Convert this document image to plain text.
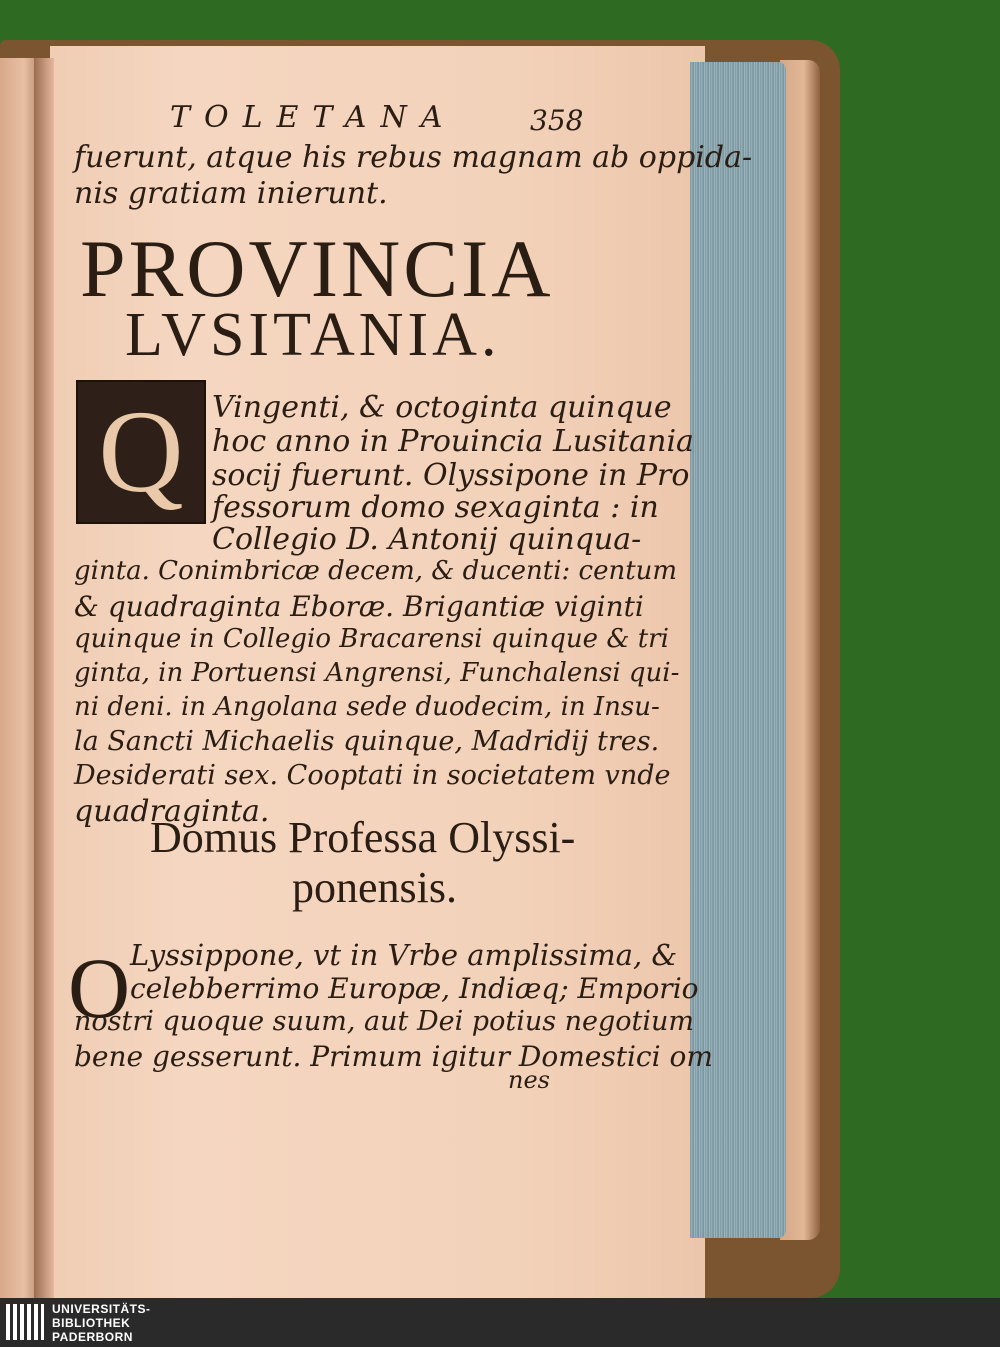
TOLETANA	358
fuerunt, atque his rebus magnam ab oppida-
nis gratiam inierunt.
PROVINCIA
LVSITANIA.
Q Vingenti, & octoginta quinque
hoc anno in Prouincia Lusitania
socij fuerunt. Olyssipone in Pro
fessorum domo sexaginta : in
Collegio D. Antonij quinqua-
ginta. Conimbricæ decem, & ducenti: centum
& quadraginta Eboræ. Brigantiæ viginti
quinque in Collegio Bracarensi quinque & tri
ginta, in Portuensi Angrensi, Funchalensi qui-
ni deni. in Angolana sede duodecim, in Insu-
la Sancti Michaelis quinque, Madridij tres.
Desiderati sex. Cooptati in societatem vnde
quadraginta.
Domus Professa Olyssi-
ponensis.
O Lyssippone, vt in Vrbe amplissima, &
celebberrimo Europæ, Indiæq; Emporio
nostri quoque suum, aut Dei potius negotium
bene gesserunt. Primum igitur Domestici om
nes
UNIVERSITÄTS-
BIBLIOTHEK
PADERBORN
